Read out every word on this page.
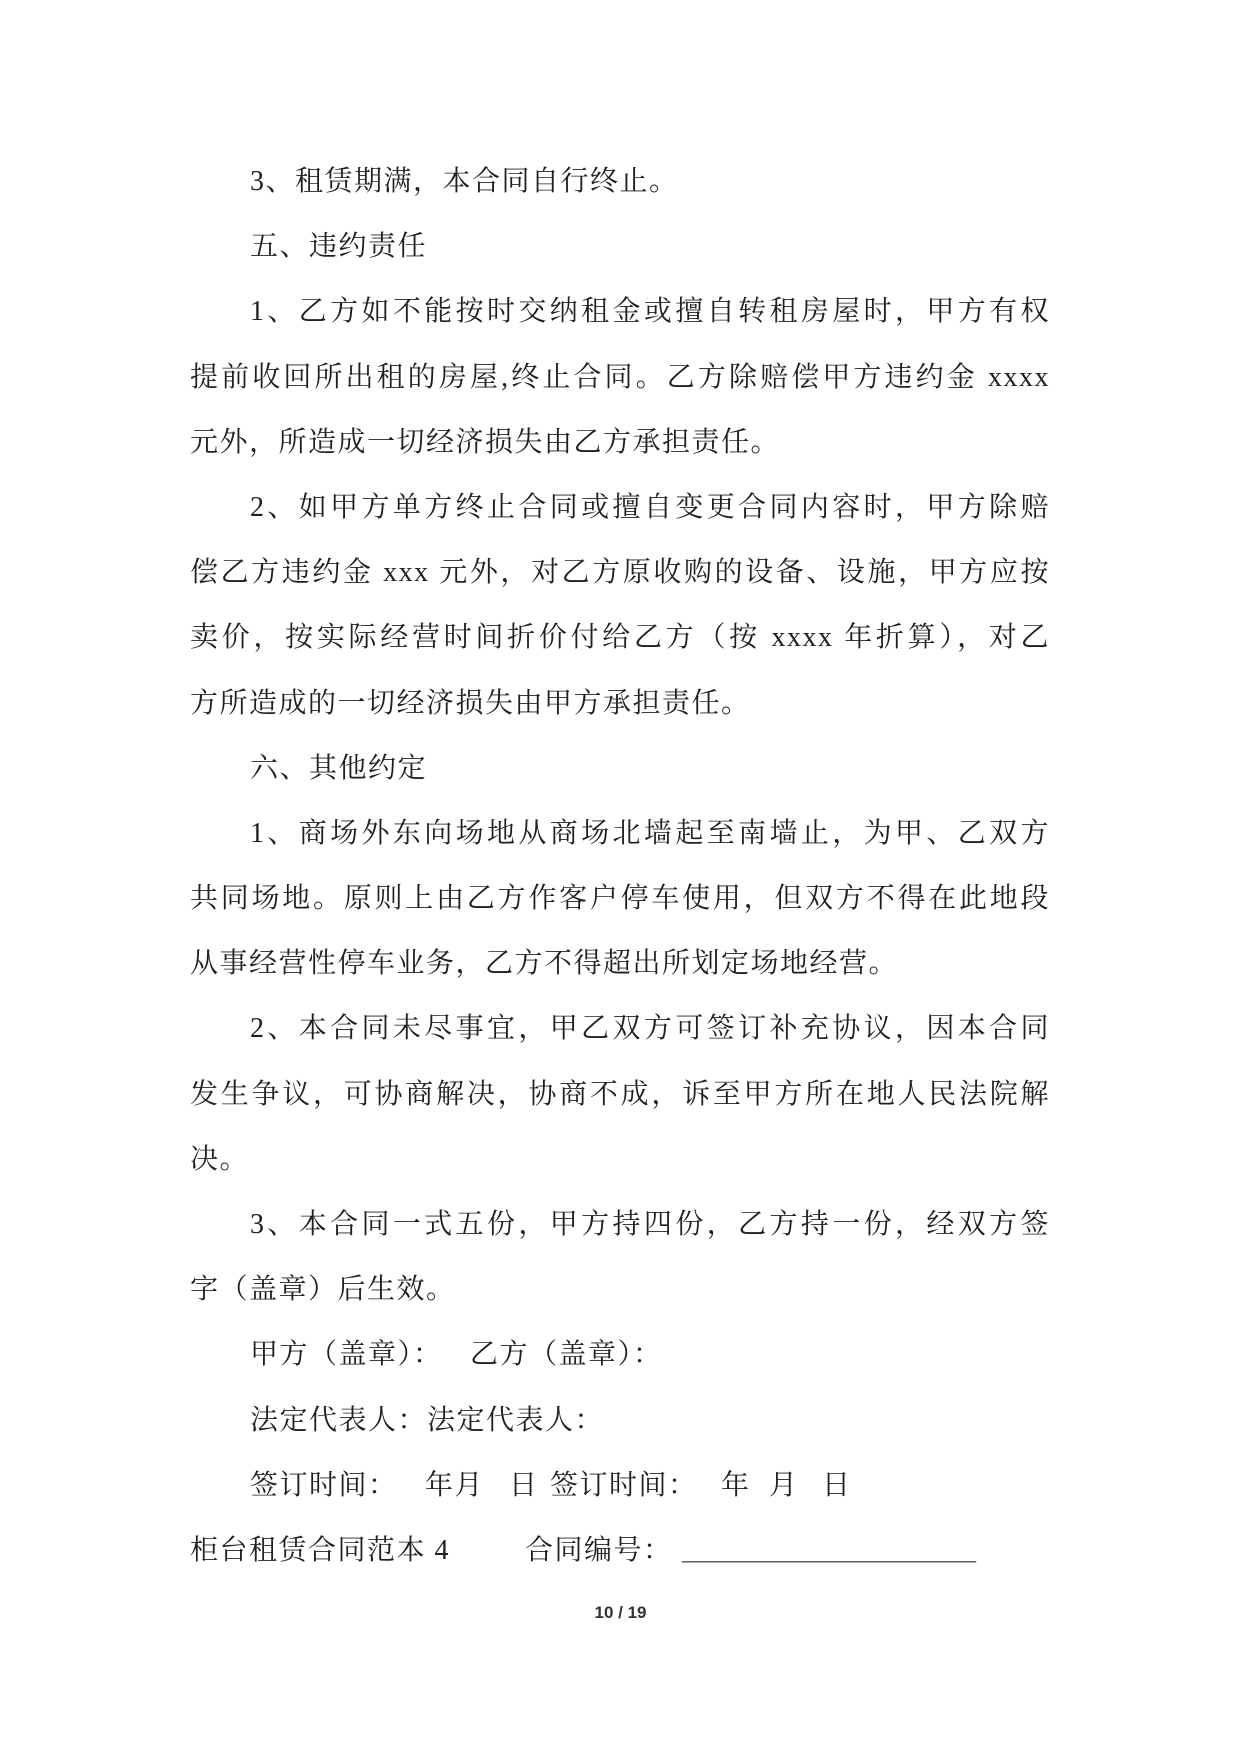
3、租赁期满，本合同自行终止。
五、违约责任
1、乙方如不能按时交纳租金或擅自转租房屋时，甲方有权
提前收回所出租的房屋,终止合同。乙方除赔偿甲方违约金 xxxx
元外，所造成一切经济损失由乙方承担责任。
2、如甲方单方终止合同或擅自变更合同内容时，甲方除赔
偿乙方违约金 xxx 元外，对乙方原收购的设备、设施，甲方应按
卖价，按实际经营时间折价付给乙方（按 xxxx 年折算），对乙
方所造成的一切经济损失由甲方承担责任。
六、其他约定
1、商场外东向场地从商场北墙起至南墙止，为甲、乙双方
共同场地。原则上由乙方作客户停车使用，但双方不得在此地段
从事经营性停车业务，乙方不得超出所划定场地经营。
2、本合同未尽事宜，甲乙双方可签订补充协议，因本合同
发生争议，可协商解决，协商不成，诉至甲方所在地人民法院解
决。
3、本合同一式五份，甲方持四份，乙方持一份，经双方签
字（盖章）后生效。
甲方（盖章）： 乙方（盖章）：
法定代表人：法定代表人：
签订时间： 年月 日 签订时间： 年 月 日
柜台租赁合同范本 4	合同编号： _____________________
10 / 19
